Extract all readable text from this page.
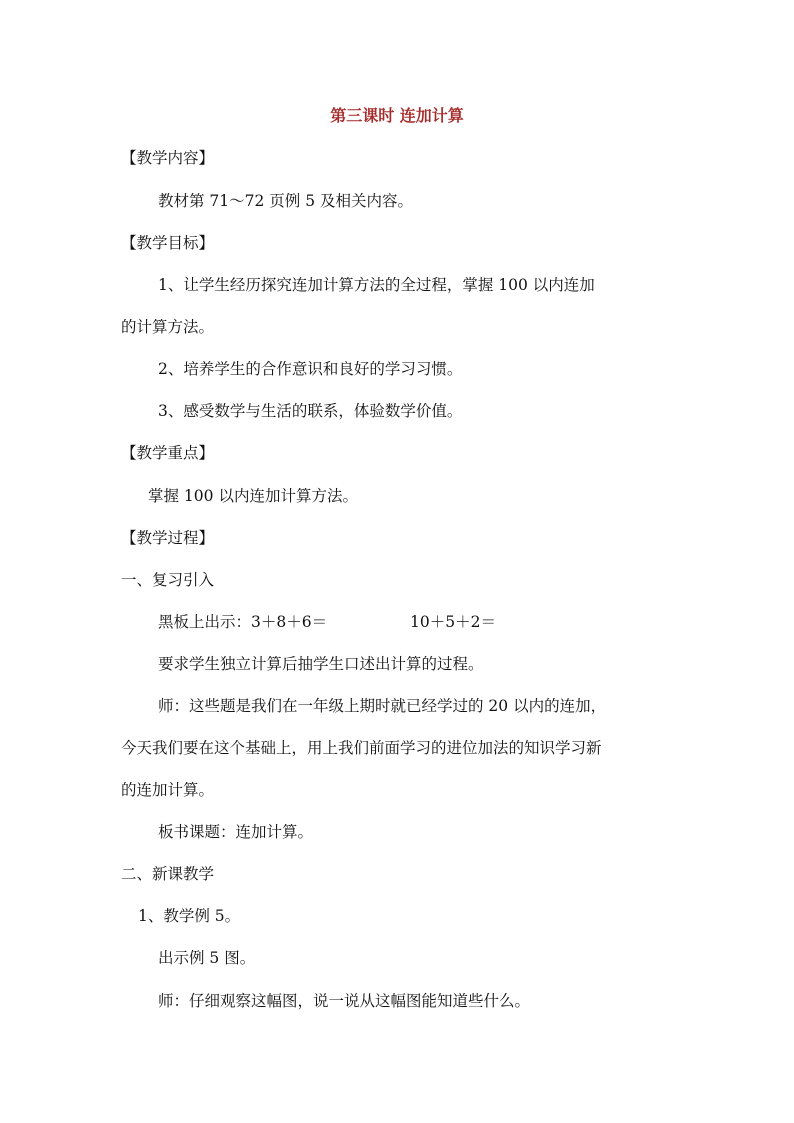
第三课时 连加计算
【教学内容】
教材第 71～72 页例 5 及相关内容。
【教学目标】
1、让学生经历探究连加计算方法的全过程，掌握 100 以内连加
的计算方法。
2、培养学生的合作意识和良好的学习习惯。
3、感受数学与生活的联系，体验数学价值。
【教学重点】
掌握 100 以内连加计算方法。
【教学过程】
一、复习引入
黑板上出示：3＋8＋6＝	10＋5＋2＝
要求学生独立计算后抽学生口述出计算的过程。
师：这些题是我们在一年级上期时就已经学过的 20 以内的连加，
今天我们要在这个基础上，用上我们前面学习的进位加法的知识学习新
的连加计算。
板书课题：连加计算。
二、新课教学
1、教学例 5。
出示例 5 图。
师：仔细观察这幅图，说一说从这幅图能知道些什么。
